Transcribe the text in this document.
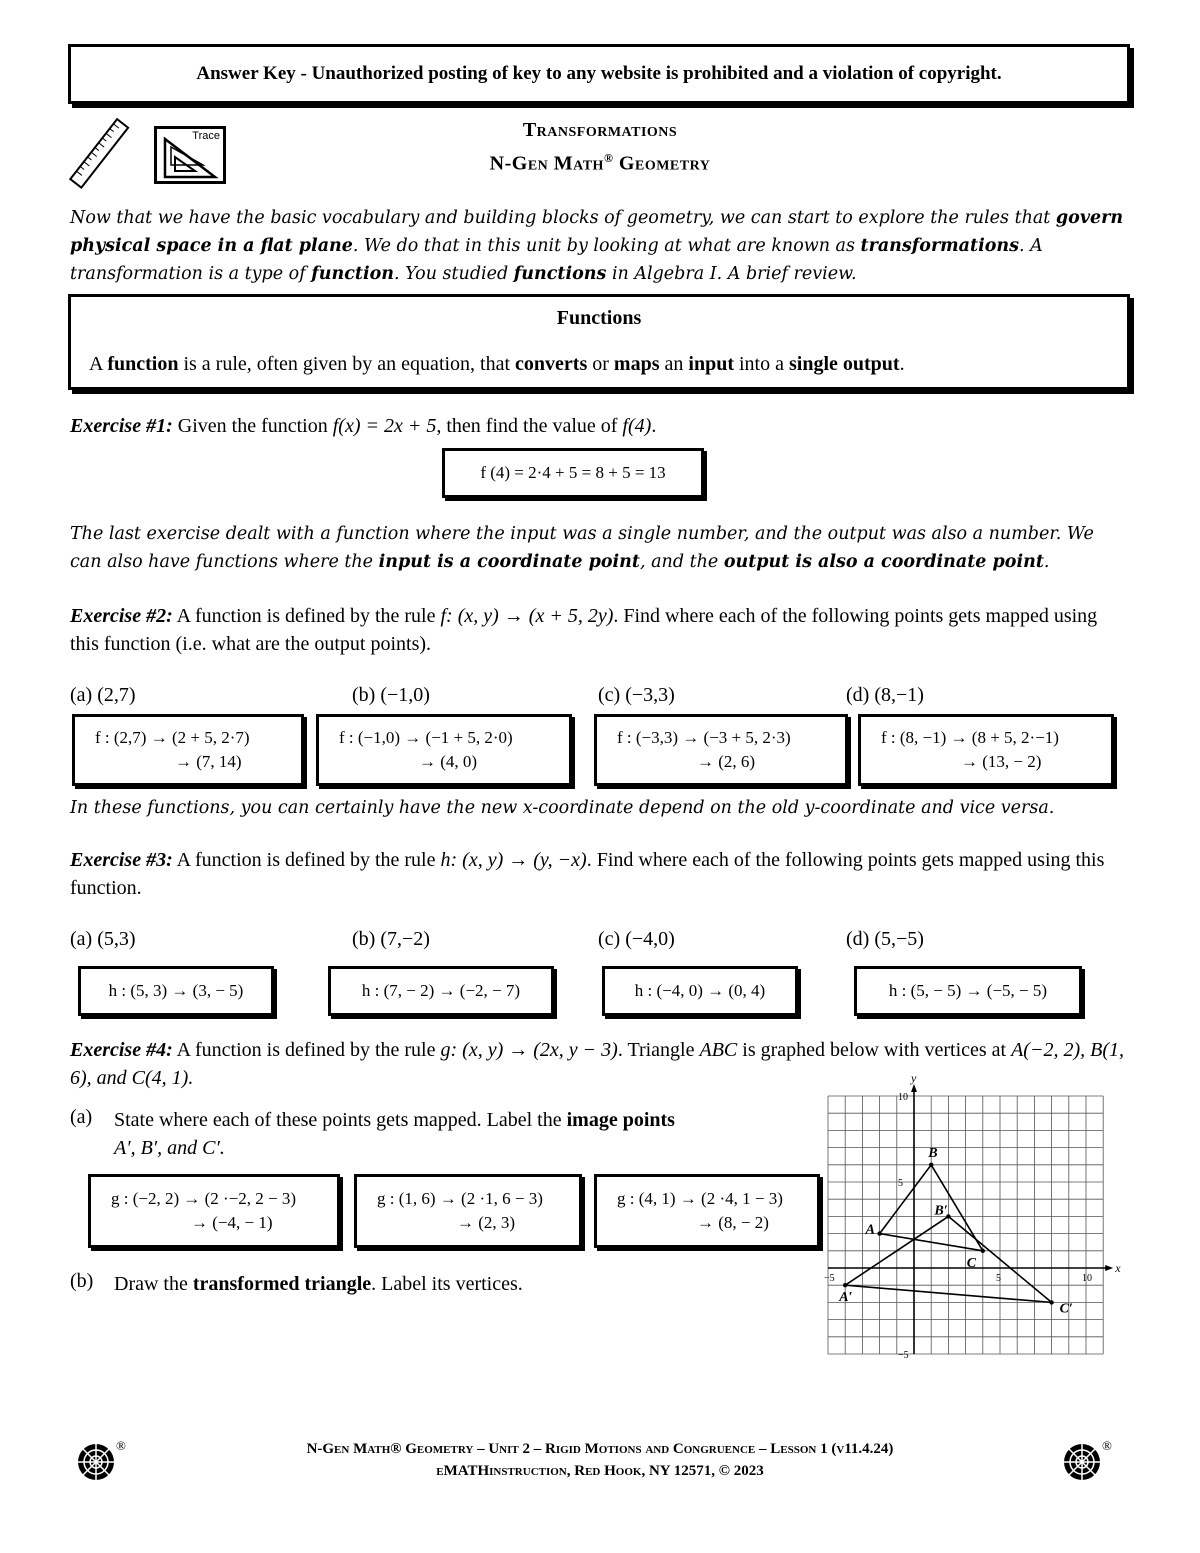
Answer Key - Unauthorized posting of key to any website is prohibited and a violation of copyright.
Trace	Transformations
N-Gen Math® Geometry
Now that we have the basic vocabulary and building blocks of geometry, we can start to explore the rules that govern physical space in a flat plane. We do that in this unit by looking at what are known as transformations. A transformation is a type of function. You studied functions in Algebra I. A brief review.
Functions
A function is a rule, often given by an equation, that converts or maps an input into a single output.
Exercise #1: Given the function f(x) = 2x + 5, then find the value of f(4).
f (4) = 2·4 + 5 = 8 + 5 = 13
The last exercise dealt with a function where the input was a single number, and the output was also a number. We can also have functions where the input is a coordinate point, and the output is also a coordinate point.
Exercise #2: A function is defined by the rule f: (x, y) → (x + 5, 2y). Find where each of the following points gets mapped using this function (i.e. what are the output points).
(a) (2,7)	(b) (−1,0)	(c) (−3,3)	(d) (8,−1)
f : (2,7) → (2 + 5, 2·7)
→ (7, 14)
f : (−1,0) → (−1 + 5, 2·0)
→ (4, 0)
f : (−3,3) → (−3 + 5, 2·3)
→ (2, 6)
f : (8, −1) → (8 + 5, 2·−1)
→ (13, − 2)
In these functions, you can certainly have the new x-coordinate depend on the old y-coordinate and vice versa.
Exercise #3: A function is defined by the rule h: (x, y) → (y, −x). Find where each of the following points gets mapped using this function.
(a) (5,3)	(b) (7,−2)	(c) (−4,0)	(d) (5,−5)
h : (5, 3) → (3, − 5)	h : (7, − 2) → (−2, − 7)	h : (−4, 0) → (0, 4)	h : (5, − 5) → (−5, − 5)
Exercise #4: A function is defined by the rule g: (x, y) → (2x, y − 3). Triangle ABC is graphed below with vertices at A(−2, 2), B(1, 6), and C(4, 1).
(a) State where each of these points gets mapped. Label the image points
A′, B′, and C′.
g : (−2, 2) → (2 ·−2, 2 − 3)
→ (−4, − 1)
g : (1, 6) → (2 ·1, 6 − 3)
→ (2, 3)
g : (4, 1) → (2 ·4, 1 − 3)
→ (8, − 2)
(b) Draw the transformed triangle. Label its vertices.
x
y
−5	5	10
10
5
−5
A
B
C
A′
B′
C′
®	®
N-Gen Math® Geometry – Unit 2 – Rigid Motions and Congruence – Lesson 1 (v11.4.24)
eMATHinstruction, Red Hook, NY 12571, © 2023
